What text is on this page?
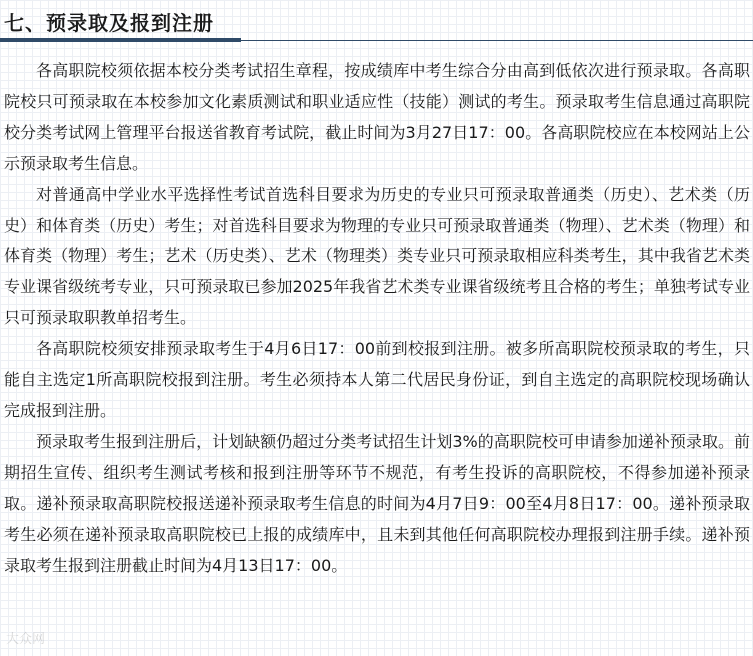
七、预录取及报到注册

各高职院校须依据本校分类考试招生章程，按成绩库中考生综合分由高到低依次进行预录取。各高职院校只可预录取在本校参加文化素质测试和职业适应性（技能）测试的考生。预录取考生信息通过高职院校分类考试网上管理平台报送省教育考试院，截止时间为3月27日17：00。各高职院校应在本校网站上公示预录取考生信息。

对普通高中学业水平选择性考试首选科目要求为历史的专业只可预录取普通类（历史）、艺术类（历史）和体育类（历史）考生；对首选科目要求为物理的专业只可预录取普通类（物理）、艺术类（物理）和体育类（物理）考生；艺术（历史类）、艺术（物理类）类专业只可预录取相应科类考生，其中我省艺术类专业课省级统考专业，只可预录取已参加2025年我省艺术类专业课省级统考且合格的考生；单独考试专业只可预录取职教单招考生。

各高职院校须安排预录取考生于4月6日17：00前到校报到注册。被多所高职院校预录取的考生，只能自主选定1所高职院校报到注册。考生必须持本人第二代居民身份证，到自主选定的高职院校现场确认完成报到注册。

预录取考生报到注册后，计划缺额仍超过分类考试招生计划3%的高职院校可申请参加递补预录取。前期招生宣传、组织考生测试考核和报到注册等环节不规范，有考生投诉的高职院校，不得参加递补预录取。递补预录取高职院校报送递补预录取考生信息的时间为4月7日9：00至4月8日17：00。递补预录取考生必须在递补预录取高职院校已上报的成绩库中，且未到其他任何高职院校办理报到注册手续。递补预录取考生报到注册截止时间为4月13日17：00。

大众网
